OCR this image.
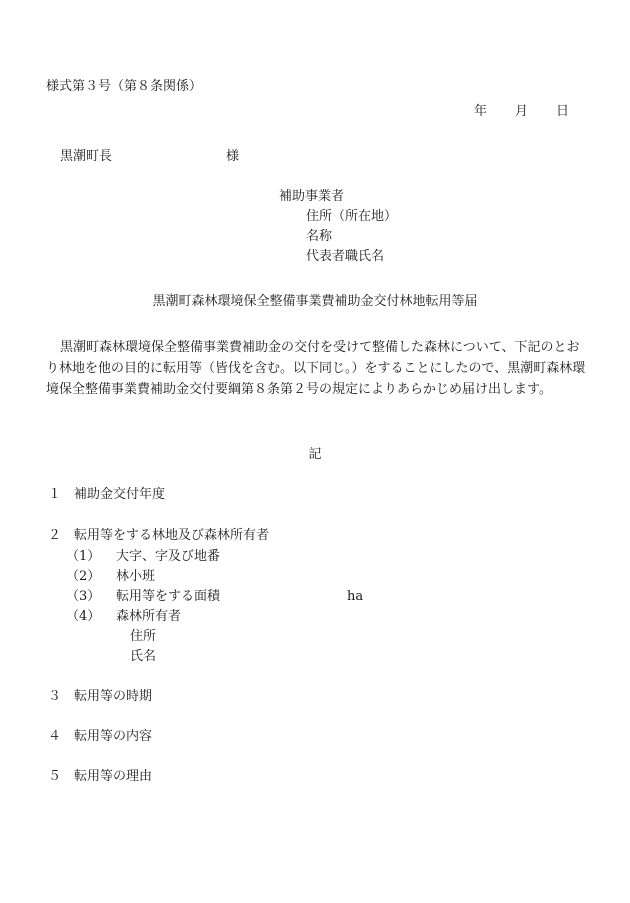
様式第３号（第８条関係）
年 月 日
黒潮町長	様
補助事業者
住所（所在地）
名称
代表者職氏名
黒潮町森林環境保全整備事業費補助金交付林地転用等届
黒潮町森林環境保全整備事業費補助金の交付を受けて整備した森林について、下記のとおり林地を他の目的に転用等（皆伐を含む。以下同じ。）をすることにしたので、黒潮町森林環境保全整備事業費補助金交付要綱第８条第２号の規定によりあらかじめ届け出します。
記
１ 補助金交付年度
２ 転用等をする林地及び森林所有者
（1） 大字、字及び地番
（2） 林小班
（3） 転用等をする面積	ha
（4） 森林所有者
住所
氏名
３ 転用等の時期
４ 転用等の内容
５ 転用等の理由
